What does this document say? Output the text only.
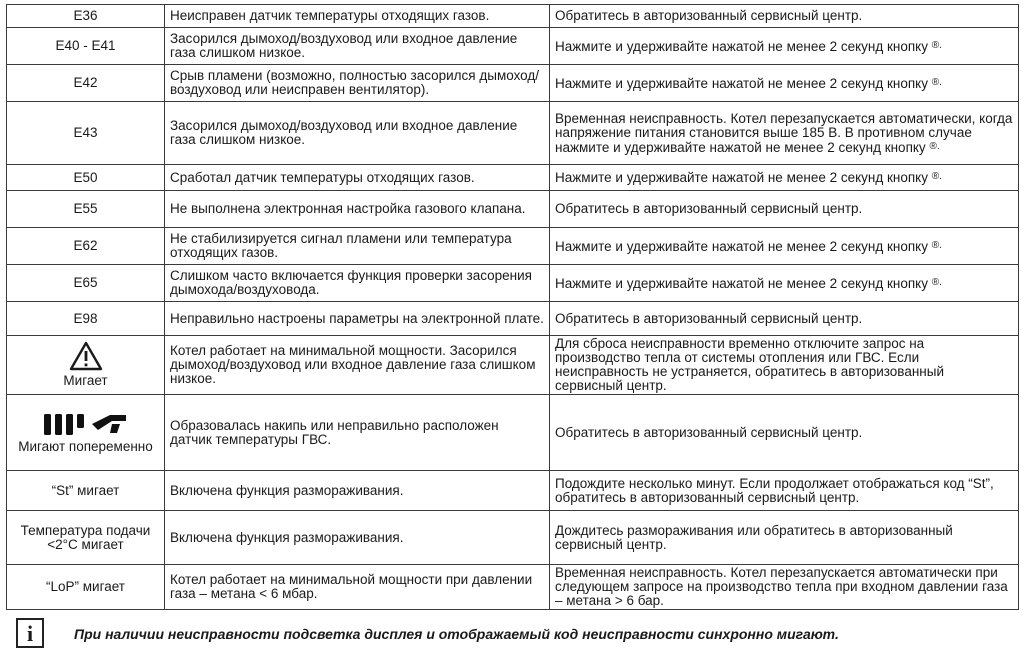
E36	Неисправен датчик температуры отходящих газов.	Обратитесь в авторизованный сервисный центр.
E40 - E41	Засорился дымоход/воздуховод или входное давление газа слишком низкое.	Нажмите и удерживайте нажатой не менее 2 секунд кнопку ®.
E42	Срыв пламени (возможно, полностью засорился дымоход/воздуховод или неисправен вентилятор).	Нажмите и удерживайте нажатой не менее 2 секунд кнопку ®.
E43	Засорился дымоход/воздуховод или входное давление газа слишком низкое.	Временная неисправность. Котел перезапускается автоматически, когда напряжение питания становится выше 185 В. В противном случае нажмите и удерживайте нажатой не менее 2 секунд кнопку ®.
E50	Сработал датчик температуры отходящих газов.	Нажмите и удерживайте нажатой не менее 2 секунд кнопку ®.
E55	Не выполнена электронная настройка газового клапана.	Обратитесь в авторизованный сервисный центр.
E62	Не стабилизируется сигнал пламени или температура отходящих газов.	Нажмите и удерживайте нажатой не менее 2 секунд кнопку ®.
E65	Слишком часто включается функция проверки засорения дымохода/воздуховода.	Нажмите и удерживайте нажатой не менее 2 секунд кнопку ®.
E98	Неправильно настроены параметры на электронной плате.	Обратитесь в авторизованный сервисный центр.

Мигает	Котел работает на минимальной мощности. Засорился дымоход/воздуховод или входное давление газа слишком низкое.	Для сброса неисправности временно отключите запрос на производство тепла от системы отопления или ГВС. Если неисправность не устраняется, обратитесь в авторизованный сервисный центр.

Мигают попеременно	Образовалась накипь или неправильно расположен датчик температуры ГВС.	Обратитесь в авторизованный сервисный центр.
“St” мигает	Включена функция размораживания.	Подождите несколько минут. Если продолжает отображаться код “St”, обратитесь в авторизованный сервисный центр.
Температура подачи <2°C мигает	Включена функция размораживания.	Дождитесь размораживания или обратитесь в авторизованный сервисный центр.
“LoP” мигает	Котел работает на минимальной мощности при давлении газа – метана < 6 мбар.	Временная неисправность. Котел перезапускается автоматически при следующем запросе на производство тепла при входном давлении газа – метана > 6 бар.
i	При наличии неисправности подсветка дисплея и отображаемый код неисправности синхронно мигают.
